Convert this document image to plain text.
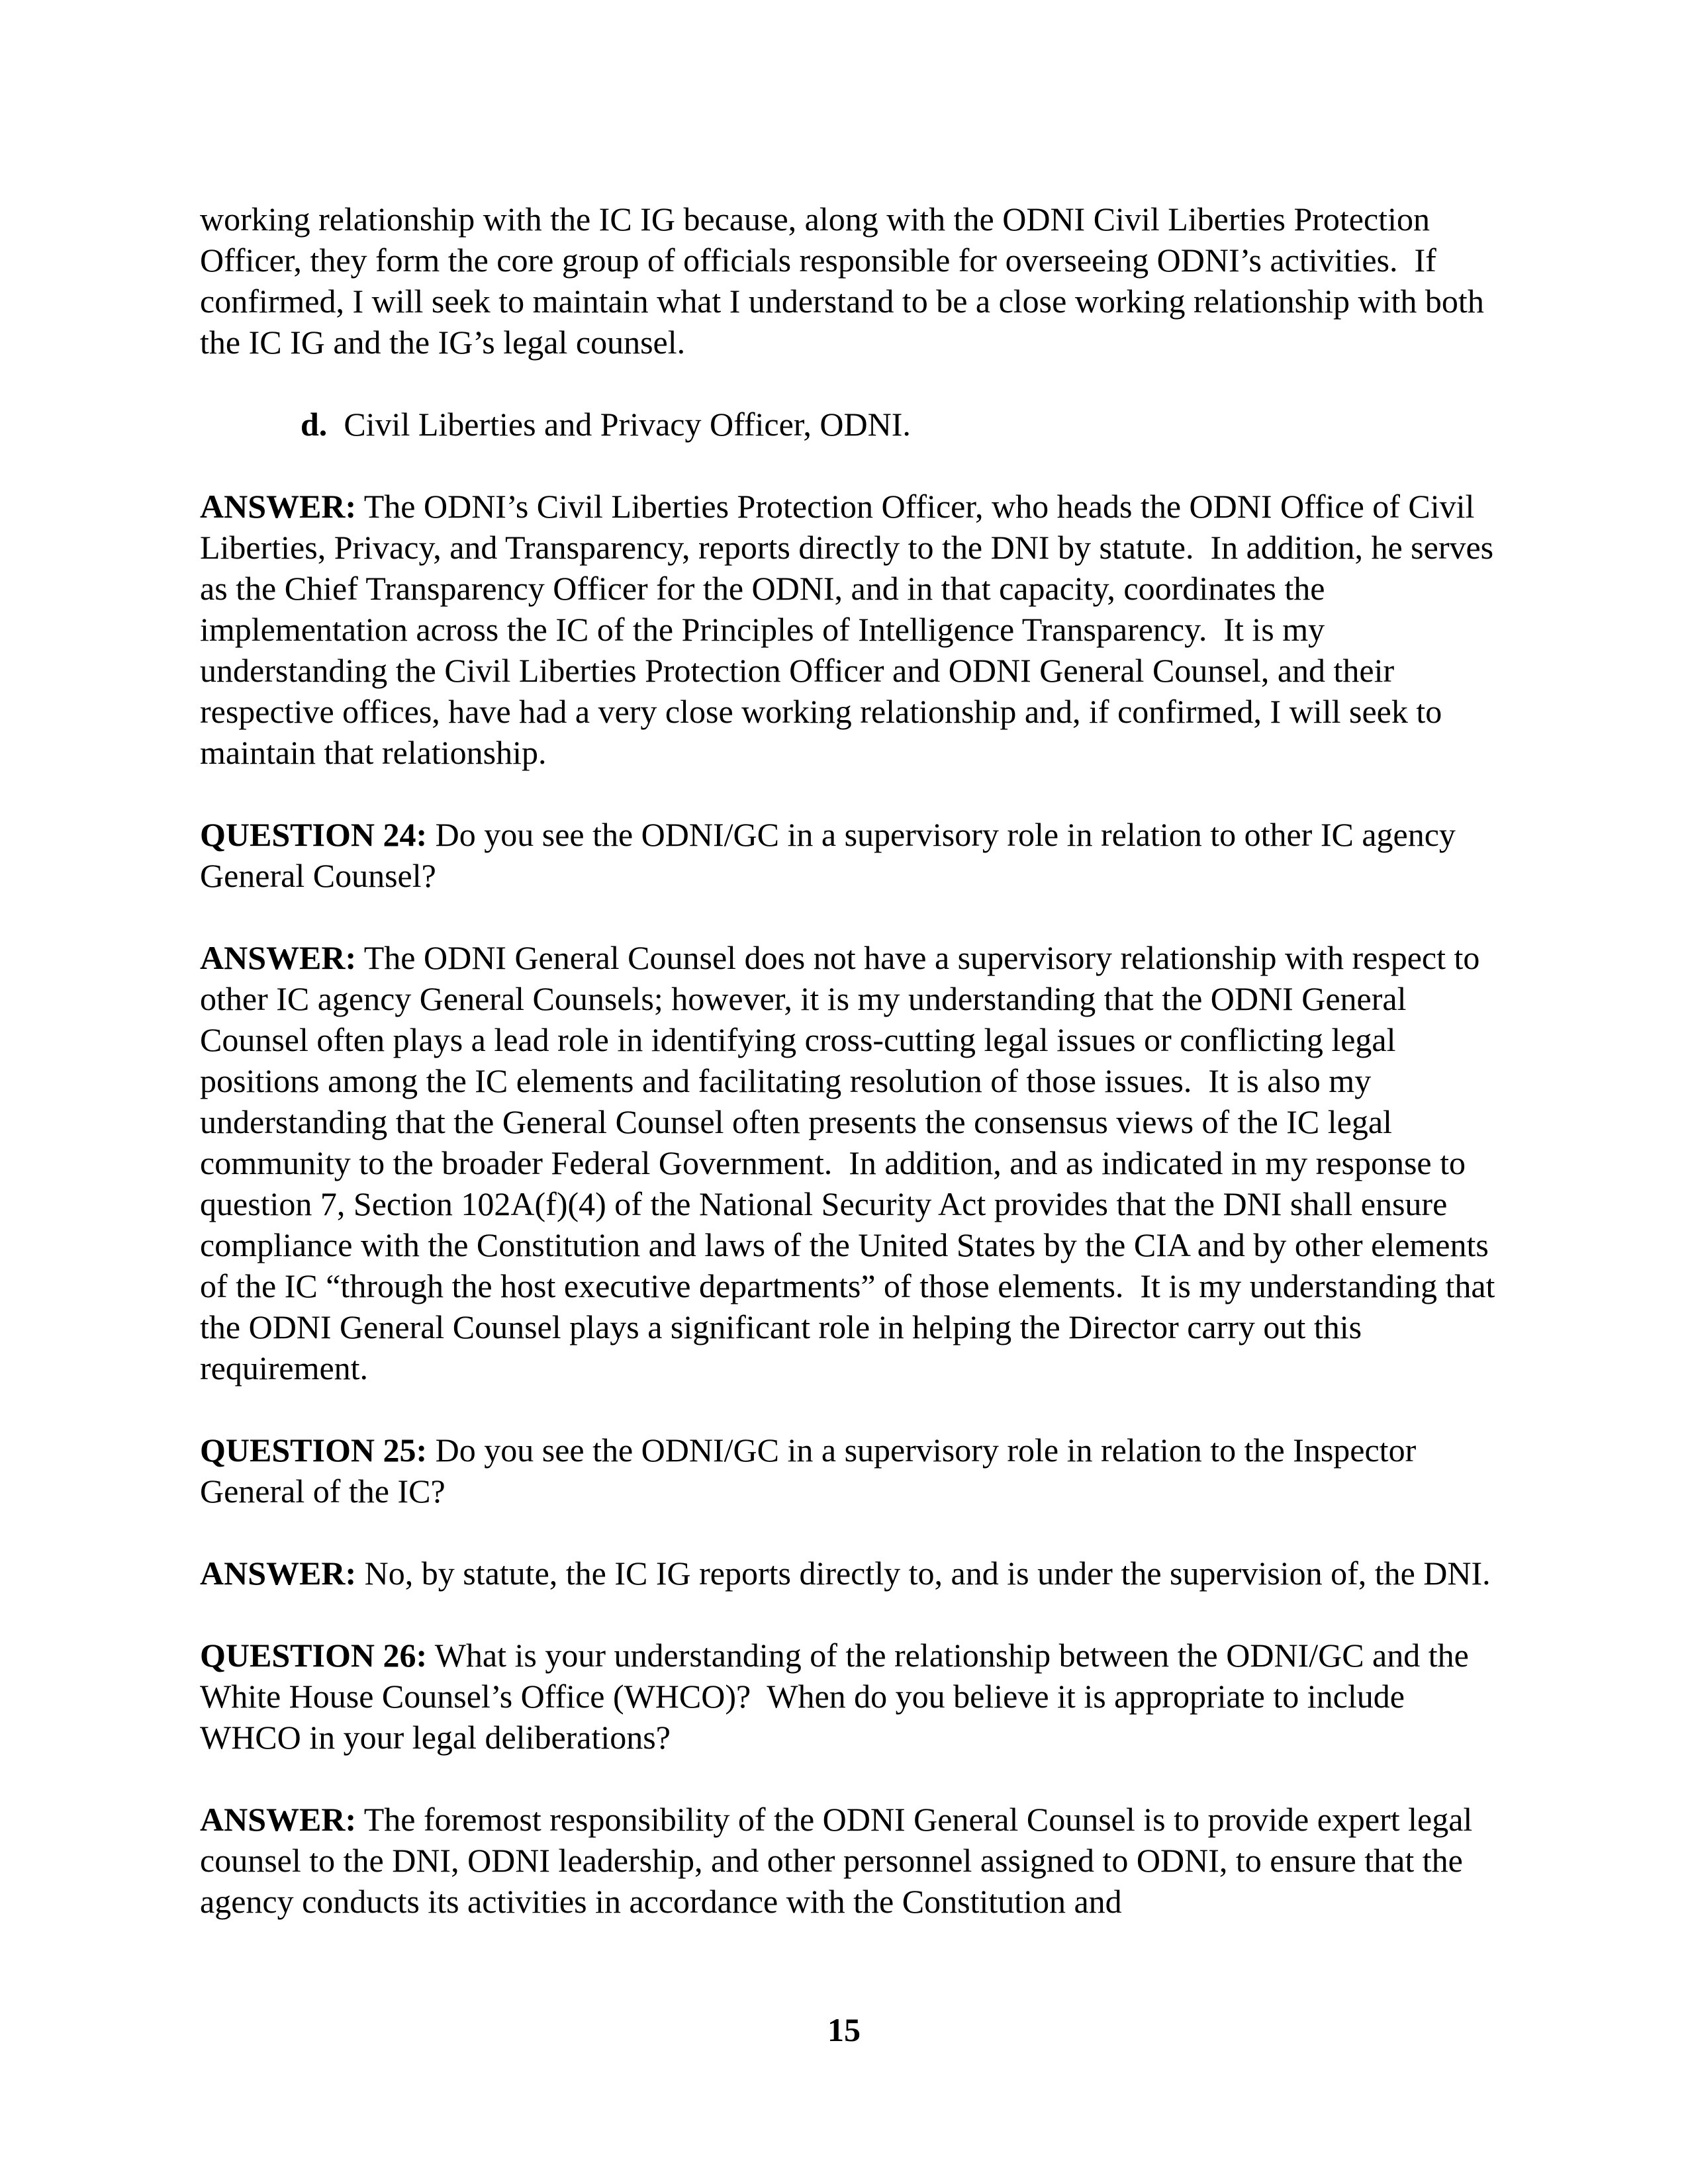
working relationship with the IC IG because, along with the ODNI Civil Liberties Protection Officer, they form the core group of officials responsible for overseeing ODNI’s activities.  If confirmed, I will seek to maintain what I understand to be a close working relationship with both the IC IG and the IG’s legal counsel.

d.  Civil Liberties and Privacy Officer, ODNI.

ANSWER: The ODNI’s Civil Liberties Protection Officer, who heads the ODNI Office of Civil Liberties, Privacy, and Transparency, reports directly to the DNI by statute.  In addition, he serves as the Chief Transparency Officer for the ODNI, and in that capacity, coordinates the implementation across the IC of the Principles of Intelligence Transparency.  It is my understanding the Civil Liberties Protection Officer and ODNI General Counsel, and their respective offices, have had a very close working relationship and, if confirmed, I will seek to maintain that relationship.

QUESTION 24: Do you see the ODNI/GC in a supervisory role in relation to other IC agency General Counsel?

ANSWER: The ODNI General Counsel does not have a supervisory relationship with respect to other IC agency General Counsels; however, it is my understanding that the ODNI General Counsel often plays a lead role in identifying cross-cutting legal issues or conflicting legal positions among the IC elements and facilitating resolution of those issues.  It is also my understanding that the General Counsel often presents the consensus views of the IC legal community to the broader Federal Government.  In addition, and as indicated in my response to question 7, Section 102A(f)(4) of the National Security Act provides that the DNI shall ensure compliance with the Constitution and laws of the United States by the CIA and by other elements of the IC “through the host executive departments” of those elements.  It is my understanding that the ODNI General Counsel plays a significant role in helping the Director carry out this requirement.

QUESTION 25: Do you see the ODNI/GC in a supervisory role in relation to the Inspector General of the IC?

ANSWER: No, by statute, the IC IG reports directly to, and is under the supervision of, the DNI.

QUESTION 26: What is your understanding of the relationship between the ODNI/GC and the White House Counsel’s Office (WHCO)?  When do you believe it is appropriate to include WHCO in your legal deliberations?

ANSWER: The foremost responsibility of the ODNI General Counsel is to provide expert legal counsel to the DNI, ODNI leadership, and other personnel assigned to ODNI, to ensure that the agency conducts its activities in accordance with the Constitution and

15
